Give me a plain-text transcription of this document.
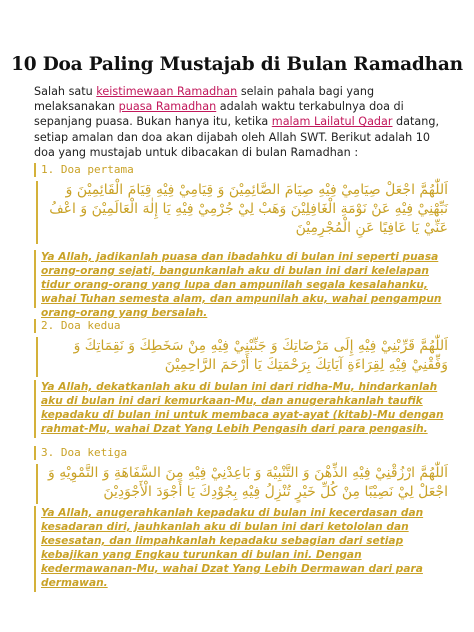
10 Doa Paling Mustajab di Bulan Ramadhan

Salah satu keistimewaan Ramadhan selain pahala bagi yang melaksanakan puasa Ramadhan adalah waktu terkabulnya doa di sepanjang puasa. Bukan hanya itu, ketika malam Lailatul Qadar datang, setiap amalan dan doa akan dijabah oleh Allah SWT. Berikut adalah 10 doa yang mustajab untuk dibacakan di bulan Ramadhan :

1. Doa pertama
اَللّٰهُمَّ اجْعَلْ صِيَامِيْ فِيْهِ صِيَامَ الصَّائِمِيْنَ وَ قِيَامِيْ فِيْهِ قِيَامَ الْقَائِمِيْنَ وَ نَبِّهْنِيْ فِيْهِ عَنْ نَوْمَةِ الْغَافِلِيْنَ وَهَبْ لِيْ جُرْمِيْ فِيْهِ يَا إِلٰهَ الْعَالَمِيْنَ وَ اعْفُ عَنِّيْ يَا عَافِيًا عَنِ الْمُجْرِمِيْنَ
Ya Allah, jadikanlah puasa dan ibadahku di bulan ini seperti puasa orang-orang sejati, bangunkanlah aku di bulan ini dari kelelapan tidur orang-orang yang lupa dan ampunilah segala kesalahanku, wahai Tuhan semesta alam, dan ampunilah aku, wahai pengampun orang-orang yang bersalah.
2. Doa kedua
اَللّٰهُمَّ قَرِّبْنِيْ فِيْهِ إِلَى مَرْضَاتِكَ وَ جَنِّبْنِيْ فِيْهِ مِنْ سَخَطِكَ وَ نَقِمَاتِكَ وَ وَفِّقْنِيْ فِيْهِ لِقِرَاءَةِ آيَاتِكَ بِرَحْمَتِكَ يَا أَرْحَمَ الرَّاحِمِيْنَ
Ya Allah, dekatkanlah aku di bulan ini dari ridha-Mu, hindarkanlah aku di bulan ini dari kemurkaan-Mu, dan anugerahkanlah taufik kepadaku di bulan ini untuk membaca ayat-ayat (kitab)-Mu dengan rahmat-Mu, wahai Dzat Yang Lebih Pengasih dari para pengasih.
3. Doa ketiga
اَللّٰهُمَّ ارْزُقْنِيْ فِيْهِ الذِّهْنَ وَ التَّنْبِيْهَ وَ بَاعِدْنِيْ فِيْهِ مِنَ السَّفَاهَةِ وَ التَّمْوِيْهِ وَ اجْعَلْ لِيْ نَصِيْبًا مِنْ كُلِّ خَيْرٍ تُنْزِلُ فِيْهِ بِجُوْدِكَ يَا أَجْوَدَ الْأَجْوَدِيْنَ
Ya Allah, anugerahkanlah kepadaku di bulan ini kecerdasan dan kesadaran diri, jauhkanlah aku di bulan ini dari ketololan dan kesesatan, dan limpahkanlah kepadaku sebagian dari setiap kebajikan yang Engkau turunkan di bulan ini. Dengan kedermawanan-Mu, wahai Dzat Yang Lebih Dermawan dari para dermawan.
